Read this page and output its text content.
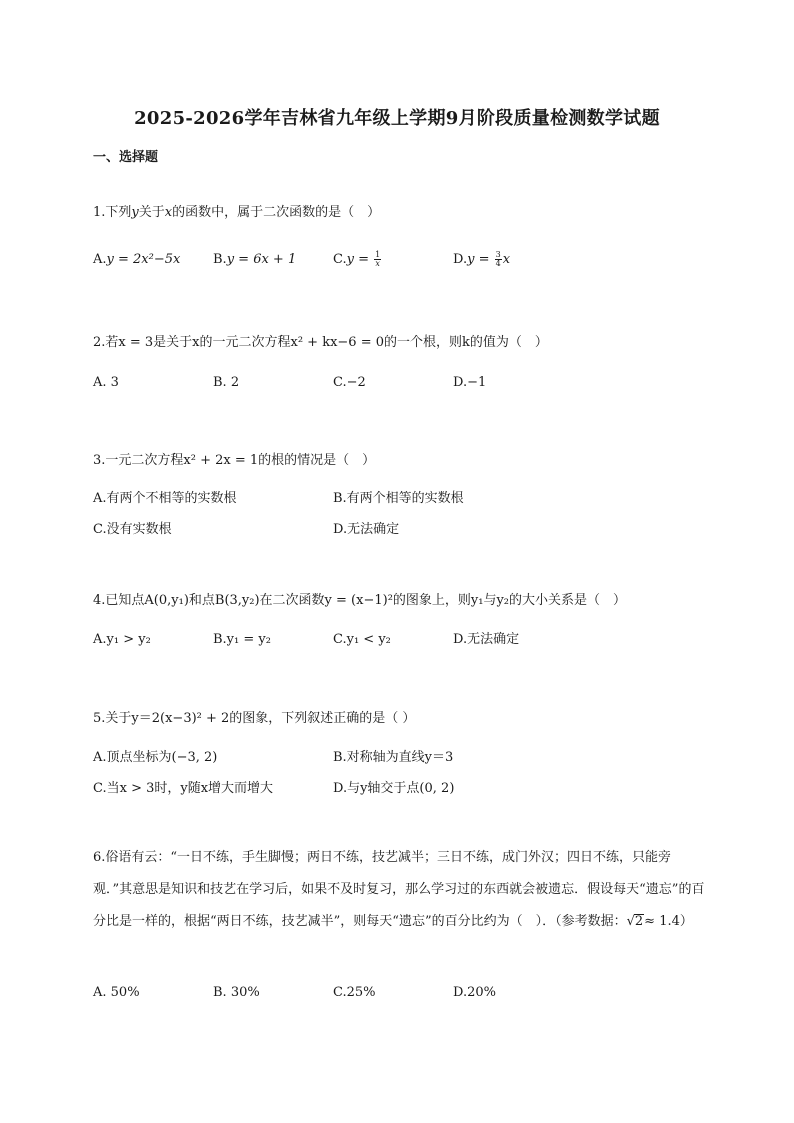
2025-2026学年吉林省九年级上学期9月阶段质量检测数学试题
一、选择题
1.下列y关于x的函数中，属于二次函数的是（　）
A.y = 2x²−5x	B.y = 6x + 1	$C.y = \frac{1}{x}$	$D.y = \frac{3}{4}$ x
2.若x = 3是关于x的一元二次方程x² + kx−6 = 0的一个根，则k的值为（　）
A. 3	B. 2	C.−2	D.−1
3.一元二次方程x² + 2x = 1的根的情况是（　）
A.有两个不相等的实数根	B.有两个相等的实数根
C.没有实数根	D.无法确定
4.已知点A(0,y₁)和点B(3,y₂)在二次函数y = (x−1)²的图象上，则y₁与y₂的大小关系是（　）
A.y₁ > y₂	B.y₁ = y₂	C.y₁ < y₂	D.无法确定
5.关于y＝2(x−3)² + 2的图象，下列叙述正确的是（ ）
A.顶点坐标为(−3, 2)	B.对称轴为直线y＝3
C.当x > 3时，y随x增大而增大	D.与y轴交于点(0, 2)
6.俗语有云：“一日不练，手生脚慢；两日不练，技艺减半；三日不练，成门外汉；四日不练，只能旁观．”其意思是知识和技艺在学习后，如果不及时复习，那么学习过的东西就会被遗忘．假设每天“遗忘”的百分比是一样的，根据“两日不练，技艺减半”，则每天“遗忘”的百分比约为（　）．（参考数据：√2≈ 1.4）
A. 50%	B. 30%	C.25%	D.20%
